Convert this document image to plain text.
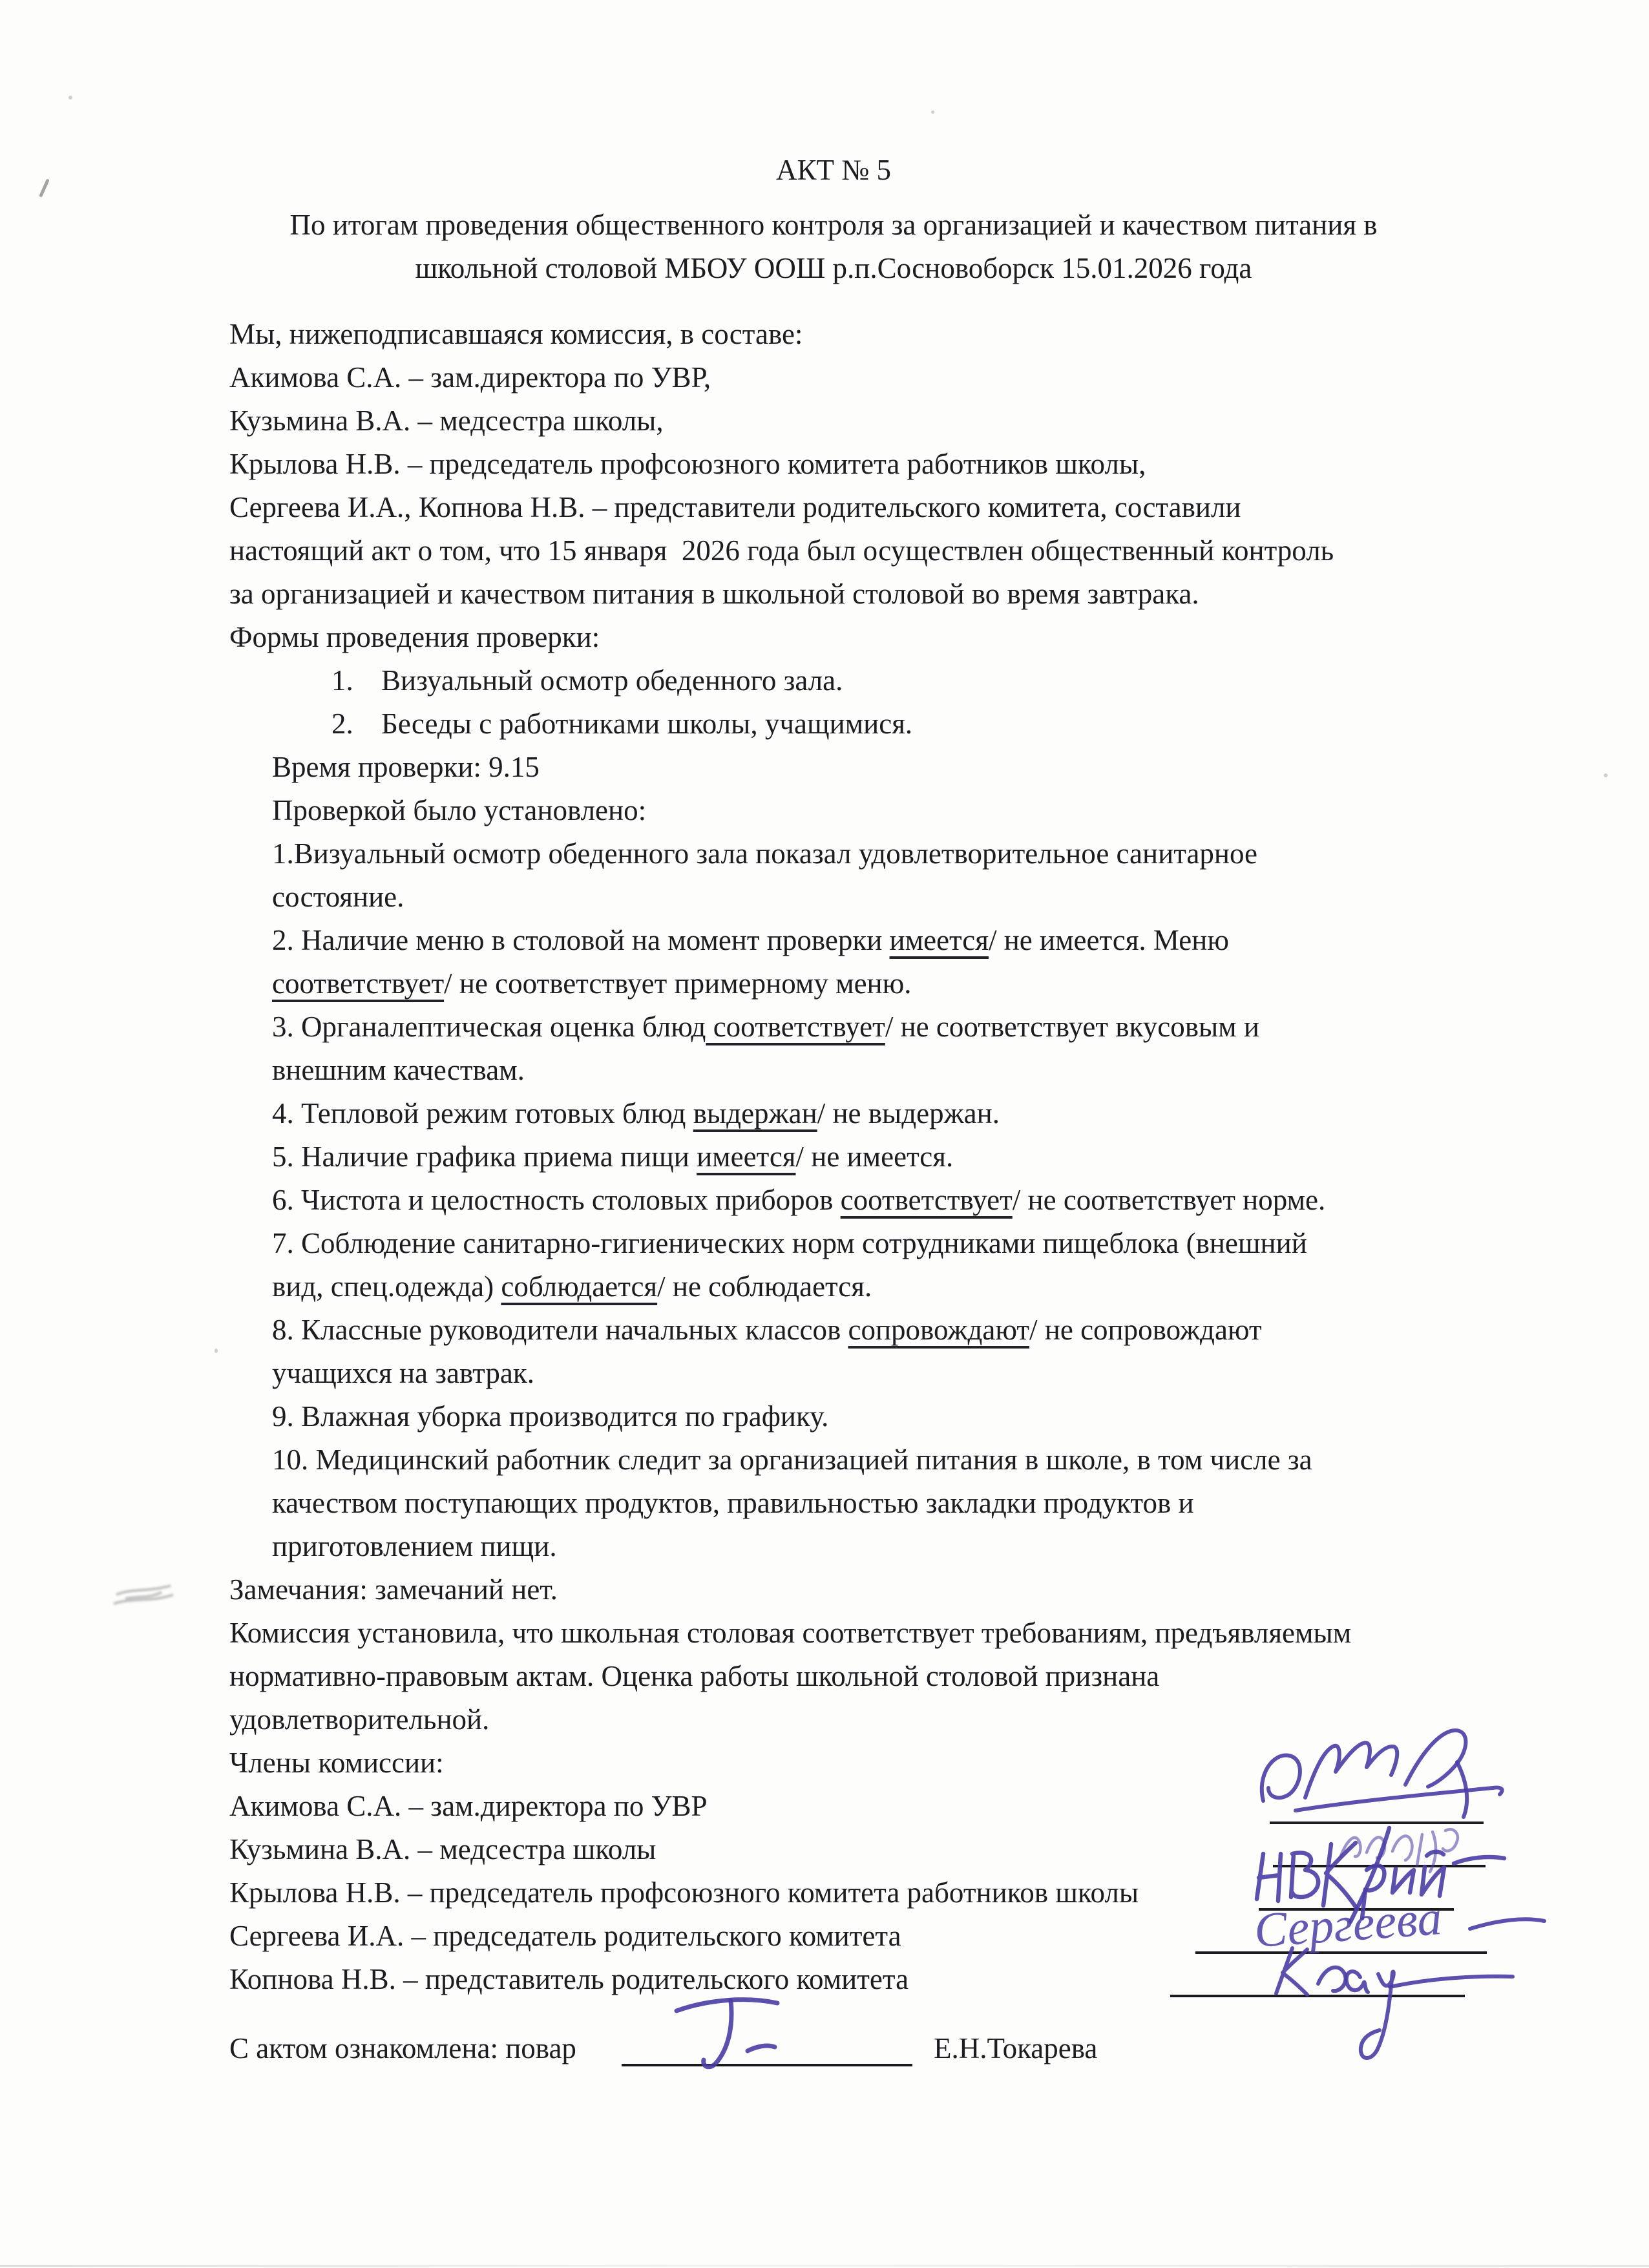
АКТ № 5

По итогам проведения общественного контроля за организацией и качеством питания в

школьной столовой МБОУ ООШ р.п.Сосновоборск 15.01.2026 года

Мы, нижеподписавшаяся комиссия, в составе:

Акимова С.А. – зам.директора по УВР,

Кузьмина В.А. – медсестра школы,

Крылова Н.В. – председатель профсоюзного комитета работников школы,

Сергеева И.А., Копнова Н.В. – представители родительского комитета, составили

настоящий акт о том, что 15 января  2026 года был осуществлен общественный контроль

за организацией и качеством питания в школьной столовой во время завтрака.

Формы проведения проверки:

1. Визуальный осмотр обеденного зала.

2. Беседы с работниками школы, учащимися.

Время проверки: 9.15

Проверкой было установлено:

1.Визуальный осмотр обеденного зала показал удовлетворительное санитарное

состояние.

2. Наличие меню в столовой на момент проверки имеется/ не имеется. Меню

соответствует/ не соответствует примерному меню.

3. Органалептическая оценка блюд соответствует/ не соответствует вкусовым и

внешним качествам.

4. Тепловой режим готовых блюд выдержан/ не выдержан.

5. Наличие графика приема пищи имеется/ не имеется.

6. Чистота и целостность столовых приборов соответствует/ не соответствует норме.

7. Соблюдение санитарно-гигиенических норм сотрудниками пищеблока (внешний

вид, спец.одежда) соблюдается/ не соблюдается.

8. Классные руководители начальных классов сопровождают/ не сопровождают

учащихся на завтрак.

9. Влажная уборка производится по графику.

10. Медицинский работник следит за организацией питания в школе, в том числе за

качеством поступающих продуктов, правильностью закладки продуктов и

приготовлением пищи.

Замечания: замечаний нет.

Комиссия установила, что школьная столовая соответствует требованиям, предъявляемым

нормативно-правовым актам. Оценка работы школьной столовой признана

удовлетворительной.

Члены комиссии:

Акимова С.А. – зам.директора по УВР
Кузьмина В.А. – медсестра школы
Крылова Н.В. – председатель профсоюзного комитета работников школы
Сергеева И.А. – председатель родительского комитета	Сергеева
Копнова Н.В. – представитель родительского комитета
С актом ознакомлена: повар	Е.Н.Токарева
